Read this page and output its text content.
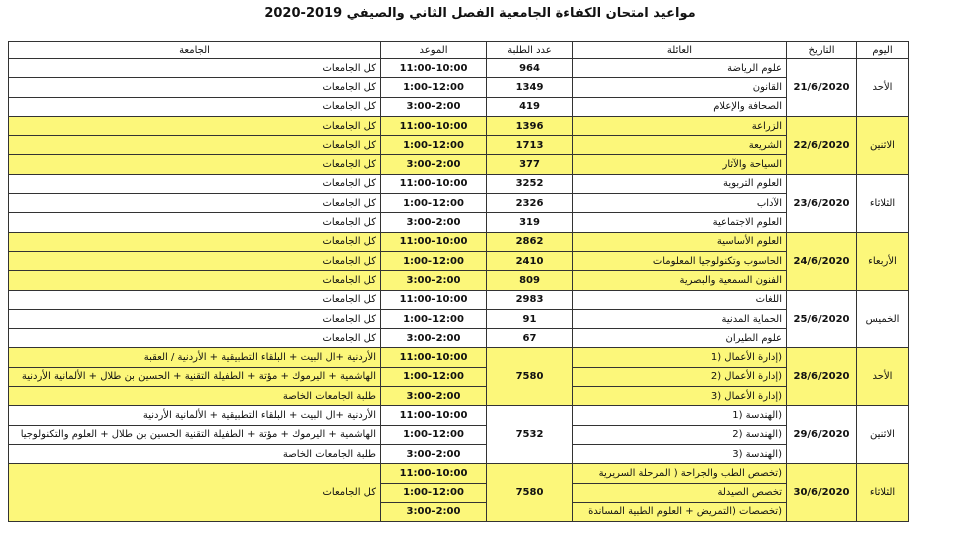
مواعيد امتحان الكفاءة الجامعية الفصل الثاني والصيفي 2019-2020
اليوم	التاريخ	العائلة	عدد الطلبة	الموعد	الجامعة
الأحد	21/6/2020	علوم الرياضة	964	11:00-10:00	كل الجامعات
		القانون	1349	1:00-12:00	كل الجامعات
		الصحافة والإعلام	419	3:00-2:00	كل الجامعات
الاثنين	22/6/2020	الزراعة	1396	11:00-10:00	كل الجامعات
		الشريعة	1713	1:00-12:00	كل الجامعات
		السياحة والآثار	377	3:00-2:00	كل الجامعات
الثلاثاء	23/6/2020	العلوم التربوية	3252	11:00-10:00	كل الجامعات
		الآداب	2326	1:00-12:00	كل الجامعات
		العلوم الاجتماعية	319	3:00-2:00	كل الجامعات
الأربعاء	24/6/2020	العلوم الأساسية	2862	11:00-10:00	كل الجامعات
		الحاسوب وتكنولوجيا المعلومات	2410	1:00-12:00	كل الجامعات
		الفنون السمعية والبصرية	809	3:00-2:00	كل الجامعات
الخميس	25/6/2020	اللغات	2983	11:00-10:00	كل الجامعات
		الحماية المدنية	91	1:00-12:00	كل الجامعات
		علوم الطيران	67	3:00-2:00	كل الجامعات
الأحد	28/6/2020	(إدارة الأعمال (1	7580	11:00-10:00	الأردنية +ال البيت + البلقاء التطبيقية + الأردنية / العقبة
		(إدارة الأعمال (2		1:00-12:00	الهاشمية + اليرموك + مؤتة + الطفيلة التقنية + الحسين بن طلال + الألمانية الأردنية
		(إدارة الأعمال (3		3:00-2:00	طلبة الجامعات الخاصة
الاثنين	29/6/2020	(الهندسة (1	7532	11:00-10:00	الأردنية +ال البيت + البلقاء التطبيقية + الألمانية الأردنية
		(الهندسة (2		1:00-12:00	الهاشمية + اليرموك + مؤتة + الطفيلة التقنية الحسين بن طلال + العلوم والتكنولوجيا
		(الهندسة (3		3:00-2:00	طلبة الجامعات الخاصة
الثلاثاء	30/6/2020	(تخصص الطب والجراحة ( المرحلة السريرية	7580	11:00-10:00	كل الجامعات
		تخصص الصيدلة		1:00-12:00	
		(تخصصات (التمريض + العلوم الطبية المساندة		3:00-2:00	
